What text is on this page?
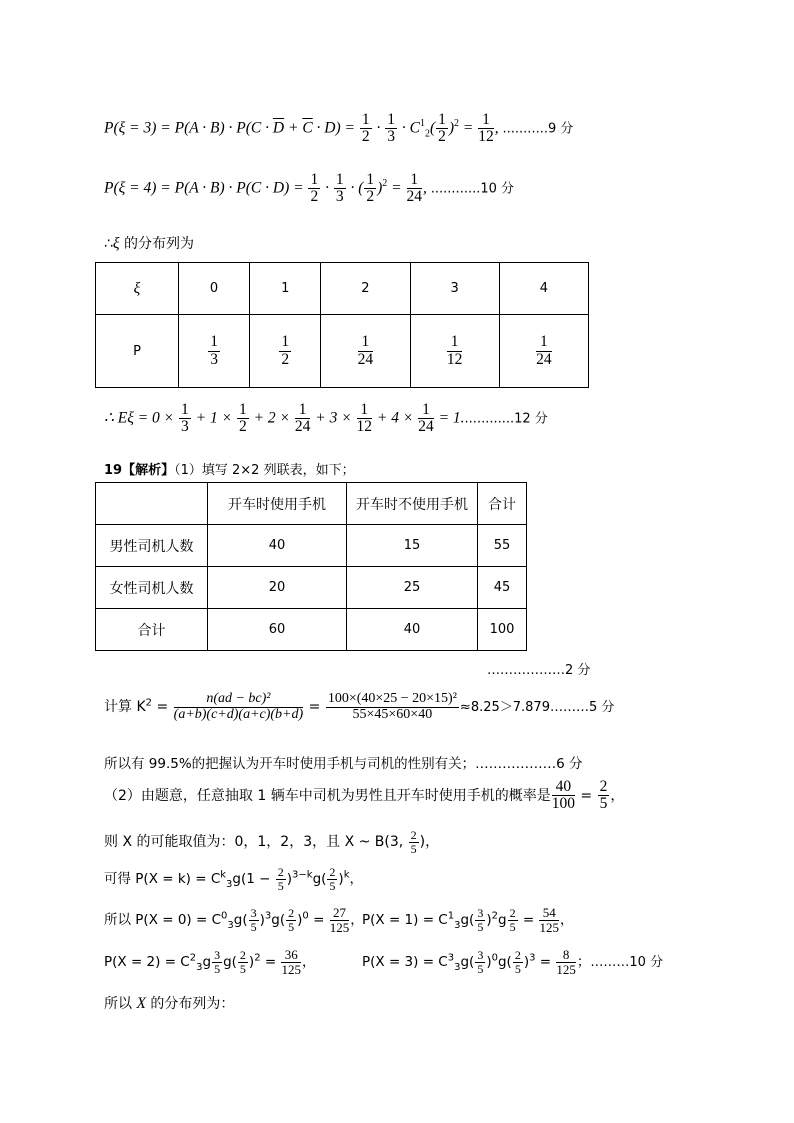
$P(\xi = 3) = P(A \cdot B) \cdot P(C \cdot \overline{D} + \overline{C} \cdot D) = \frac{1}{2} \cdot \frac{1}{3} \cdot C^1_2( \frac{1}{2} )^2 = \frac{1}{12}$ , ...........9 分
$P(\xi = 4) = P(A \cdot B) \cdot P(C \cdot D) = \frac{1}{2} \cdot \frac{1}{3}$ · ( $\frac{1}{2} )^2 = \frac{1}{24}$ , ............10 分
∴ξ 的分布列为
ξ	0	1	2	3	4
P	$\frac{1}{3}$	$\frac{1}{2}$	$\frac{1}{24}$	$\frac{1}{12}$	$\frac{1}{24}$
∴ $E\xi = 0 \times \frac{1}{3} + 1 \times \frac{1}{2} + 2 \times \frac{1}{24} + 3 \times \frac{1}{12} + 4 \times \frac{1}{24} = 1.............12$ 分
19【解析】（1）填写 2×2 列联表，如下；
	开车时使用手机	开车时不使用手机	合计
男性司机人数	40	15	55
女性司机人数	20	25	45
合计	60	40	100
………………2 分
计算 $K^2 = \frac{\text{n(ad − bc)²}}{(a+b)(c+d)(a+c)(b+d)} = \frac{\text{100×(40×25 − 20×15)²}}{55\times 45\times 60\times 40}$ ≈8.25＞7.879………5 分
所以有 99.5%的把握认为开车时使用手机与司机的性别有关；………………6 分
（2）由题意，任意抽取 1 辆车中司机为男性且开车时使用手机的概率是 $\frac{40}{100} = \frac{2}{5}$ ，
则 X 的可能取值为：0，1，2，3，且 X ~ B(3, $\frac{2}{5}$ )，
可得 $P(X = k) = C^k_3g(1 - \frac{2}{5} )^{3-k}g( \frac{2}{5} )^k$，
所以 $P(X = 0) = C^0_3g( \frac{3}{5} )^3g( \frac{2}{5} )^0 = \frac{27}{125}$ ，
$P(X = 1) = C^1_3g( \frac{3}{5} )^2g \frac{2}{5} = \frac{54}{125}$ ，
$P(X = 2) = C^2_3g \frac{3}{5} g( \frac{2}{5} )^2 = \frac{36}{125}$ ，	$P(X = 3) = C^3_3g( \frac{3}{5} )^0g( \frac{2}{5} )^3 = \frac{8}{125}$ ；………10 分
所以 X 的分布列为：
